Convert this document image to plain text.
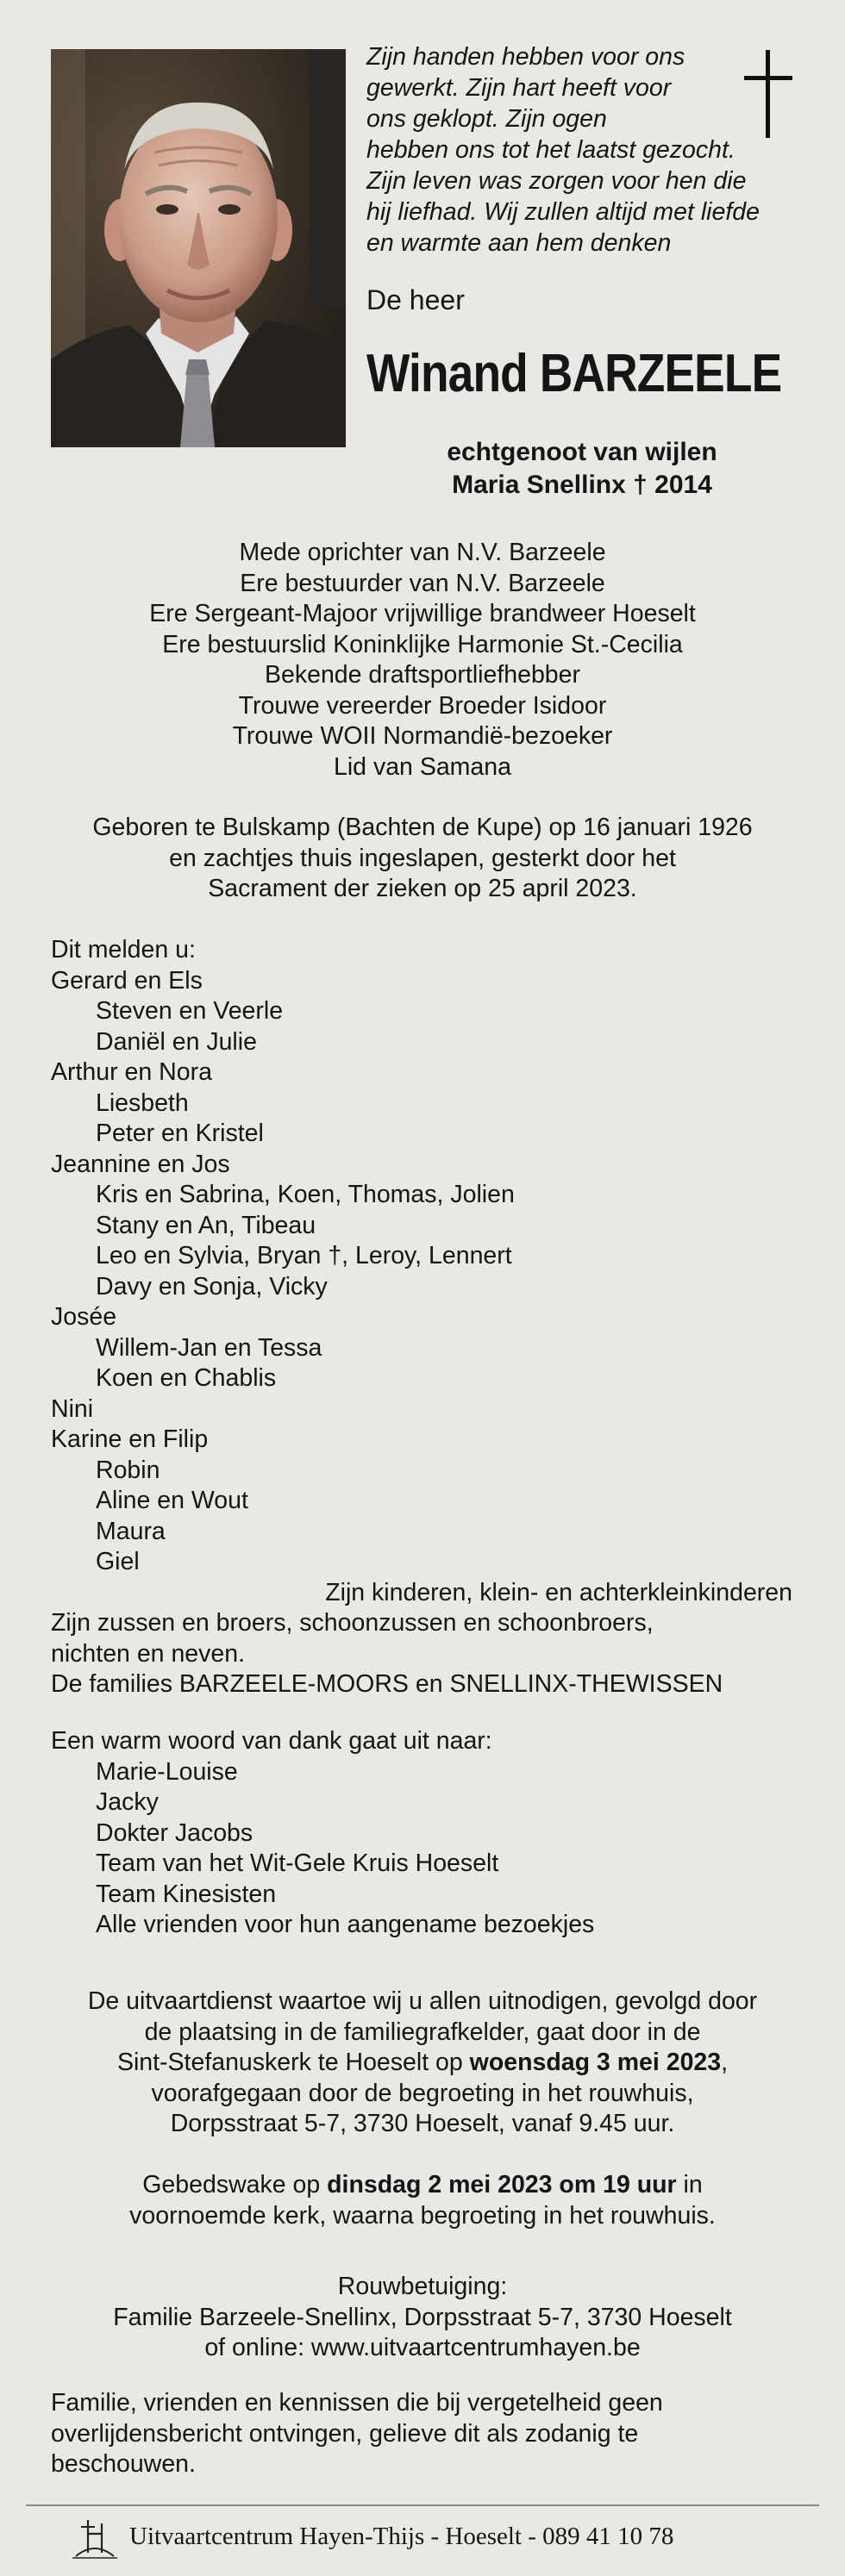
Zijn handen hebben voor ons
gewerkt. Zijn hart heeft voor
ons geklopt. Zijn ogen
hebben ons tot het laatst gezocht.
Zijn leven was zorgen voor hen die
hij liefhad. Wij zullen altijd met liefde
en warmte aan hem denken
De heer
Winand BARZEELE
echtgenoot van wijlen
Maria Snellinx † 2014
Mede oprichter van N.V. Barzeele
Ere bestuurder van N.V. Barzeele
Ere Sergeant-Majoor vrijwillige brandweer Hoeselt
Ere bestuurslid Koninklijke Harmonie St.-Cecilia
Bekende draftsportliefhebber
Trouwe vereerder Broeder Isidoor
Trouwe WOII Normandië-bezoeker
Lid van Samana
Geboren te Bulskamp (Bachten de Kupe) op 16 januari 1926
en zachtjes thuis ingeslapen, gesterkt door het
Sacrament der zieken op 25 april 2023.
Dit melden u:
Gerard en Els
Steven en Veerle
Daniël en Julie
Arthur en Nora
Liesbeth
Peter en Kristel
Jeannine en Jos
Kris en Sabrina, Koen, Thomas, Jolien
Stany en An, Tibeau
Leo en Sylvia, Bryan †, Leroy, Lennert
Davy en Sonja, Vicky
Josée
Willem-Jan en Tessa
Koen en Chablis
Nini
Karine en Filip
Robin
Aline en Wout
Maura
Giel
Zijn kinderen, klein- en achterkleinkinderen
Zijn zussen en broers, schoonzussen en schoonbroers,
nichten en neven.
De families BARZEELE-MOORS en SNELLINX-THEWISSEN
Een warm woord van dank gaat uit naar:
Marie-Louise
Jacky
Dokter Jacobs
Team van het Wit-Gele Kruis Hoeselt
Team Kinesisten
Alle vrienden voor hun aangename bezoekjes
De uitvaartdienst waartoe wij u allen uitnodigen, gevolgd door
de plaatsing in de familiegrafkelder, gaat door in de
Sint-Stefanuskerk te Hoeselt op woensdag 3 mei 2023,
voorafgegaan door de begroeting in het rouwhuis,
Dorpsstraat 5-7, 3730 Hoeselt, vanaf 9.45 uur.
Gebedswake op dinsdag 2 mei 2023 om 19 uur in
voornoemde kerk, waarna begroeting in het rouwhuis.
Rouwbetuiging:
Familie Barzeele-Snellinx, Dorpsstraat 5-7, 3730 Hoeselt
of online: www.uitvaartcentrumhayen.be
Familie, vrienden en kennissen die bij vergetelheid geen
overlijdensbericht ontvingen, gelieve dit als zodanig te
beschouwen.
Uitvaartcentrum Hayen-Thijs - Hoeselt - 089 41 10 78
